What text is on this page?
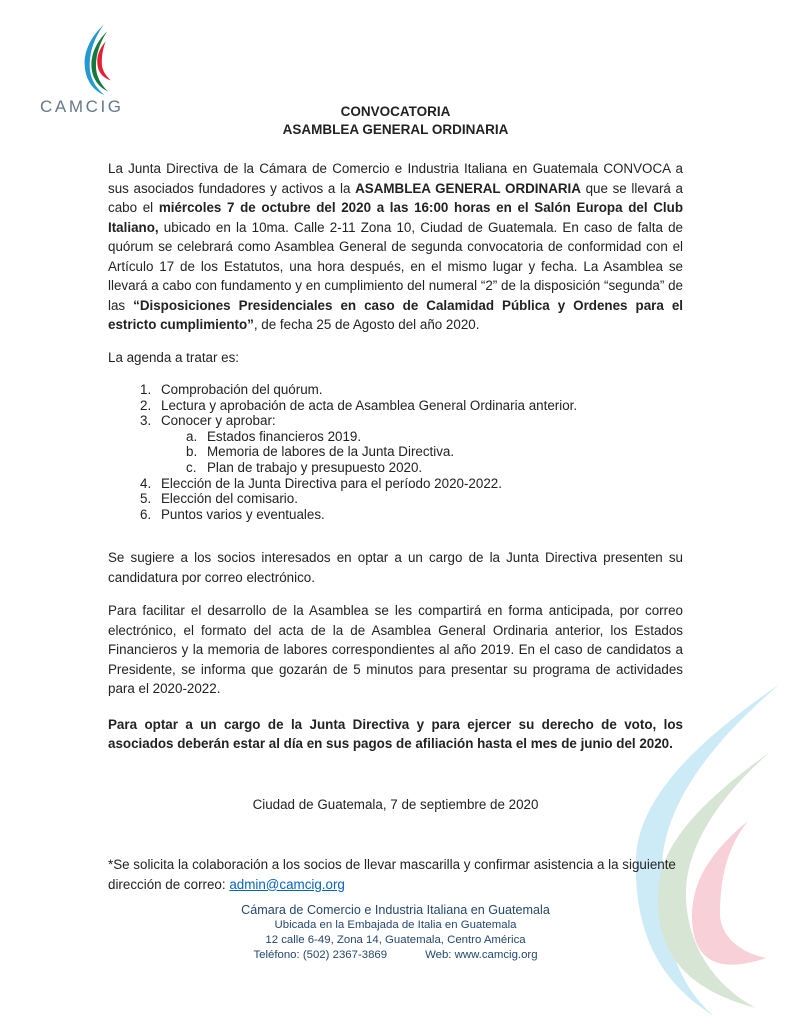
CAMCIG	CONVOCATORIA
ASAMBLEA GENERAL ORDINARIA

La Junta Directiva de la Cámara de Comercio e Industria Italiana en Guatemala CONVOCA a sus asociados fundadores y activos a la ASAMBLEA GENERAL ORDINARIA que se llevará a cabo el miércoles 7 de octubre del 2020 a las 16:00 horas en el Salón Europa del Club Italiano, ubicado en la 10ma. Calle 2-11 Zona 10, Ciudad de Guatemala. En caso de falta de quórum se celebrará como Asamblea General de segunda convocatoria de conformidad con el Artículo 17 de los Estatutos, una hora después, en el mismo lugar y fecha. La Asamblea se llevará a cabo con fundamento y en cumplimiento del numeral “2” de la disposición “segunda” de las “Disposiciones Presidenciales en caso de Calamidad Pública y Ordenes para el estricto cumplimiento”, de fecha 25 de Agosto del año 2020.

La agenda a tratar es:

1. Comprobación del quórum.
2. Lectura y aprobación de acta de Asamblea General Ordinaria anterior.
3. Conocer y aprobar:
a. Estados financieros 2019.
b. Memoria de labores de la Junta Directiva.
c. Plan de trabajo y presupuesto 2020.
4. Elección de la Junta Directiva para el período 2020-2022.
5. Elección del comisario.
6. Puntos varios y eventuales.

Se sugiere a los socios interesados en optar a un cargo de la Junta Directiva presenten su candidatura por correo electrónico.

Para facilitar el desarrollo de la Asamblea se les compartirá en forma anticipada, por correo electrónico, el formato del acta de la de Asamblea General Ordinaria anterior, los Estados Financieros y la memoria de labores correspondientes al año 2019. En el caso de candidatos a Presidente, se informa que gozarán de 5 minutos para presentar su programa de actividades para el 2020-2022.

Para optar a un cargo de la Junta Directiva y para ejercer su derecho de voto, los asociados deberán estar al día en sus pagos de afiliación hasta el mes de junio del 2020.

Ciudad de Guatemala, 7 de septiembre de 2020

*Se solicita la colaboración a los socios de llevar mascarilla y confirmar asistencia a la siguiente dirección de correo: admin@camcig.org

Cámara de Comercio e Industria Italiana en Guatemala
Ubicada en la Embajada de Italia en Guatemala
12 calle 6-49, Zona 14, Guatemala, Centro América
Teléfono: (502) 2367-3869	Web: www.camcig.org
